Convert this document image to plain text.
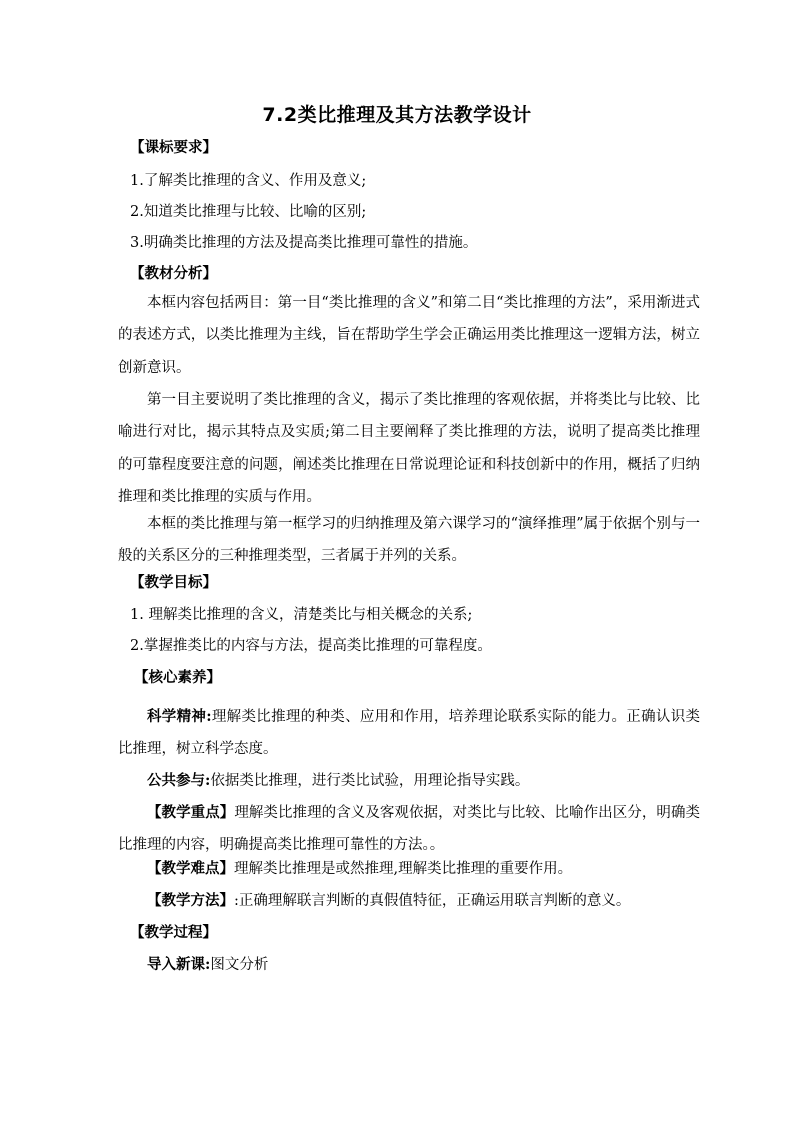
7.2类比推理及其方法教学设计
【课标要求】
1.了解类比推理的含义、作用及意义;
2.知道类比推理与比较、比喻的区别;
3.明确类比推理的方法及提高类比推理可靠性的措施。
【教材分析】
本框内容包括两目：第一目“类比推理的含义”和第二目“类比推理的方法”，采用渐进式的表述方式，以类比推理为主线，旨在帮助学生学会正确运用类比推理这一逻辑方法，树立创新意识。
第一目主要说明了类比推理的含义，揭示了类比推理的客观依据，并将类比与比较、比喻进行对比，揭示其特点及实质;第二目主要阐释了类比推理的方法，说明了提高类比推理的可靠程度要注意的问题，阐述类比推理在日常说理论证和科技创新中的作用，概括了归纳推理和类比推理的实质与作用。
本框的类比推理与第一框学习的归纳推理及第六课学习的“演绎推理”属于依据个别与一般的关系区分的三种推理类型，三者属于并列的关系。
【教学目标】
1. 理解类比推理的含义，清楚类比与相关概念的关系;
2.掌握推类比的内容与方法，提高类比推理的可靠程度。
【核心素养】
科学精神:理解类比推理的种类、应用和作用，培养理论联系实际的能力。正确认识类比推理，树立科学态度。
公共参与:依据类比推理，进行类比试验，用理论指导实践。
【教学重点】理解类比推理的含义及客观依据，对类比与比较、比喻作出区分，明确类比推理的内容，明确提高类比推理可靠性的方法。。
【教学难点】理解类比推理是或然推理,理解类比推理的重要作用。
【教学方法】:正确理解联言判断的真假值特征，正确运用联言判断的意义。
【教学过程】
导入新课:图文分析
